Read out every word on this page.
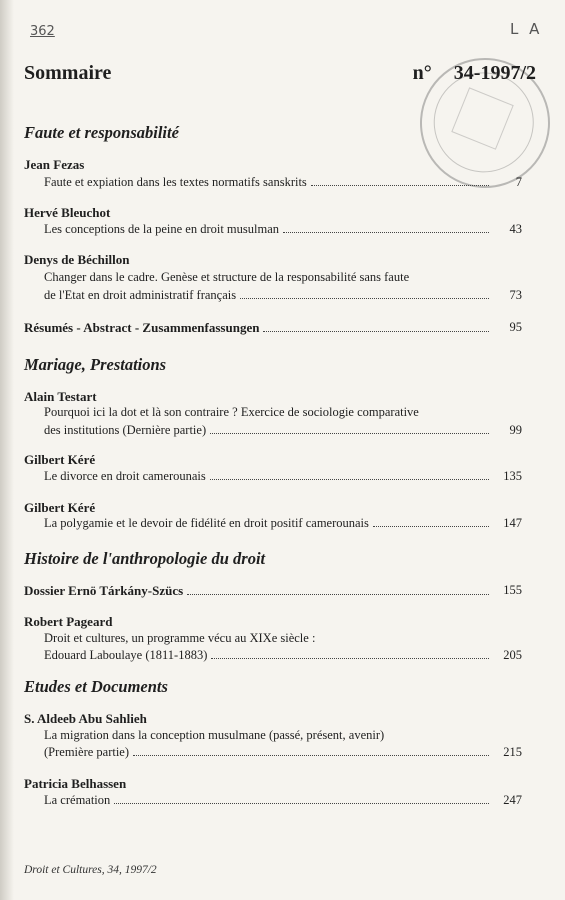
362	L A
Sommaire	n° 34-1997/2
Faute et responsabilité
Jean Fezas
Faute et expiation dans les textes normatifs sanskrits	7
Hervé Bleuchot
Les conceptions de la peine en droit musulman	43
Denys de Béchillon
Changer dans le cadre. Genèse et structure de la responsabilité sans faute
de l'Etat en droit administratif français	73
Résumés - Abstract - Zusammenfassungen	95
Mariage, Prestations
Alain Testart
Pourquoi ici la dot et là son contraire ? Exercice de sociologie comparative
des institutions (Dernière partie)	99
Gilbert Kéré
Le divorce en droit camerounais	135
Gilbert Kéré
La polygamie et le devoir de fidélité en droit positif camerounais	147
Histoire de l'anthropologie du droit
Dossier Ernö Tárkány-Szücs	155
Robert Pageard
Droit et cultures, un programme vécu au XIXe siècle :
Edouard Laboulaye (1811-1883)	205
Etudes et Documents
S. Aldeeb Abu Sahlieh
La migration dans la conception musulmane (passé, présent, avenir)
(Première partie)	215
Patricia Belhassen
La crémation	247
Droit et Cultures, 34, 1997/2
